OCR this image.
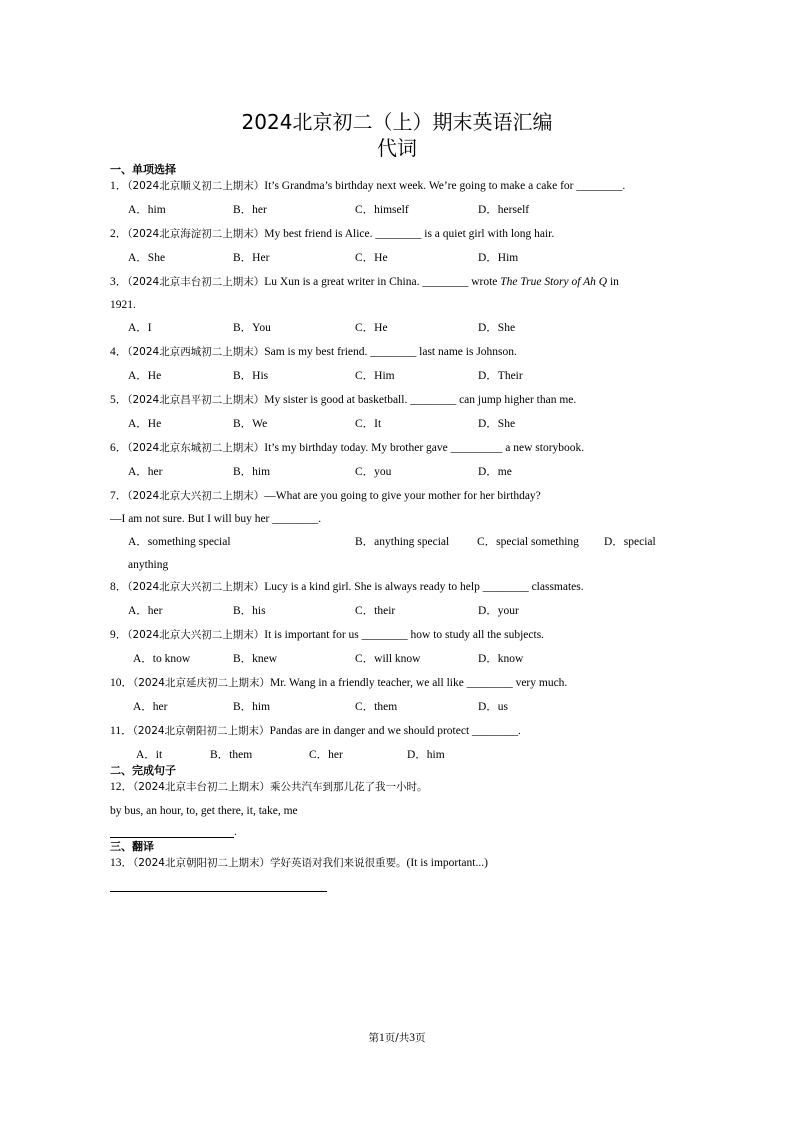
2024北京初二（上）期末英语汇编
代词
一、单项选择
1．（2024北京顺义初二上期末）It’s Grandma’s birthday next week. We’re going to make a cake for ________.
A．him	B．her	C．himself	D．herself
2．（2024北京海淀初二上期末）My best friend is Alice. ________ is a quiet girl with long hair.
A．She	B．Her	C．He	D．Him
3．（2024北京丰台初二上期末）Lu Xun is a great writer in China. ________ wrote The True Story of Ah Q in
1921.
A．I	B．You	C．He	D．She
4．（2024北京西城初二上期末）Sam is my best friend. ________ last name is Johnson.
A．He	B．His	C．Him	D．Their
5．（2024北京昌平初二上期末）My sister is good at basketball. ________ can jump higher than me.
A．He	B．We	C．It	D．She
6．（2024北京东城初二上期末）It’s my birthday today. My brother gave _________ a new storybook.
A．her	B．him	C．you	D．me
7．（2024北京大兴初二上期末）—What are you going to give your mother for her birthday?
—I am not sure. But I will buy her ________.
A．something special	B．anything special C．special something D．special
anything
8．（2024北京大兴初二上期末）Lucy is a kind girl. She is always ready to help ________ classmates.
A．her	B．his	C．their	D．your
9．（2024北京大兴初二上期末）It is important for us ________ how to study all the subjects.
A．to know	B．knew	C．will know	D．know
10．（2024北京延庆初二上期末）Mr. Wang in a friendly teacher, we all like ________ very much.
A．her	B．him	C．them	D．us
11．（2024北京朝阳初二上期末）Pandas are in danger and we should protect ________.
A．it	B．them	C．her	D．him
二、完成句子
12．（2024北京丰台初二上期末）乘公共汽车到那儿花了我一小时。
by bus, an hour, to, get there, it, take, me
.
三、翻译
13．（2024北京朝阳初二上期末）学好英语对我们来说很重要。(It is important...)
第1页/共3页
